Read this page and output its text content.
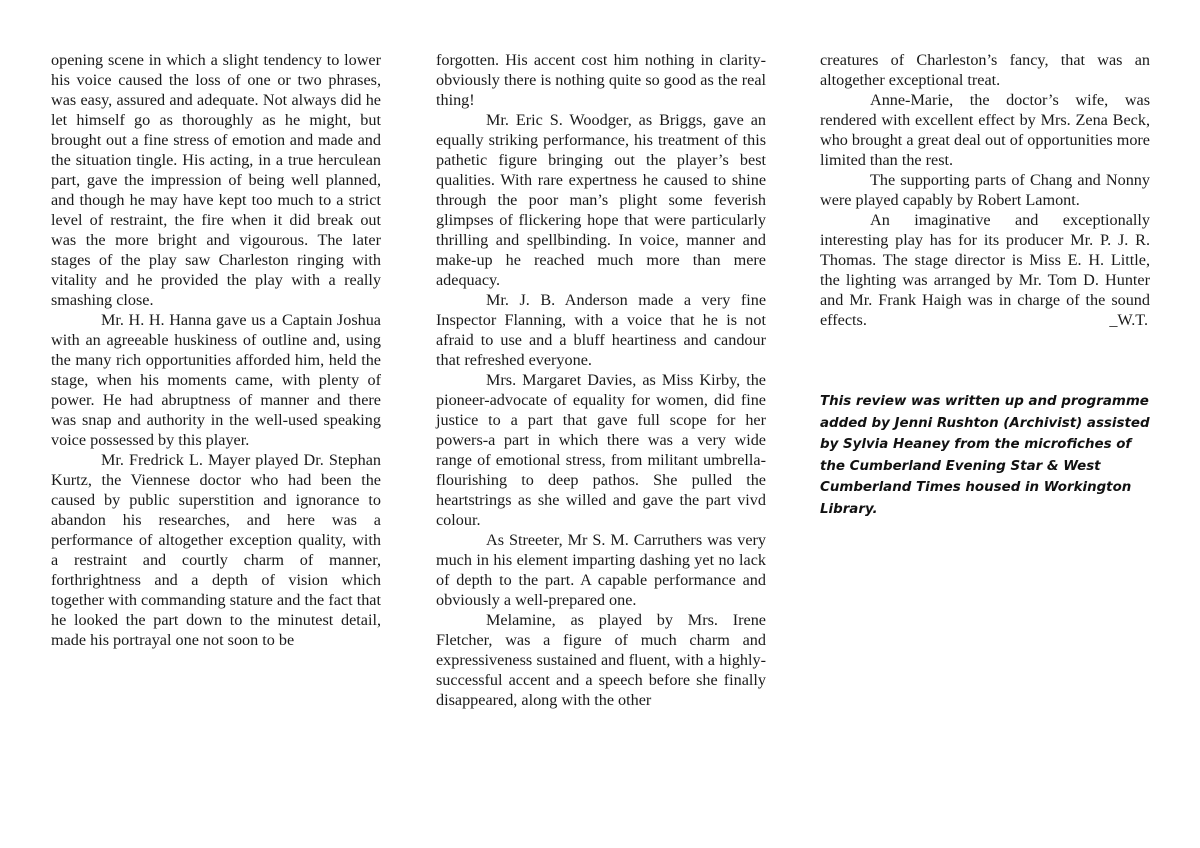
opening scene in which a slight tendency to lower his voice caused the loss of one or two phrases, was easy, assured and adequate. Not always did he let himself go as thoroughly as he might, but brought out a fine stress of emotion and made and the situation tingle. His acting, in a true herculean part, gave the impression of being well planned, and though he may have kept too much to a strict level of restraint, the fire when it did break out was the more bright and vigourous. The later stages of the play saw Charleston ringing with vitality and he provided the play with a really smashing close.

Mr. H. H. Hanna gave us a Captain Joshua with an agreeable huskiness of outline and, using the many rich opportunities afforded him, held the stage, when his moments came, with plenty of power. He had abruptness of manner and there was snap and authority in the well-used speaking voice possessed by this player.

Mr. Fredrick L. Mayer played Dr. Stephan Kurtz, the Viennese doctor who had been the caused by public superstition and ignorance to abandon his researches, and here was a performance of altogether exception quality, with a restraint and courtly charm of manner, forthrightness and a depth of vision which together with commanding stature and the fact that he looked the part down to the minutest detail, made his portrayal one not soon to be

forgotten. His accent cost him nothing in clarity-obviously there is nothing quite so good as the real thing!

Mr. Eric S. Woodger, as Briggs, gave an equally striking performance, his treatment of this pathetic figure bringing out the player’s best qualities. With rare expertness he caused to shine through the poor man’s plight some feverish glimpses of flickering hope that were particularly thrilling and spellbinding. In voice, manner and make-up he reached much more than mere adequacy.

Mr. J. B. Anderson made a very fine Inspector Flanning, with a voice that he is not afraid to use and a bluff heartiness and candour that refreshed everyone.

Mrs. Margaret Davies, as Miss Kirby, the pioneer-advocate of equality for women, did fine justice to a part that gave full scope for her powers-a part in which there was a very wide range of emotional stress, from militant umbrella-flourishing to deep pathos. She pulled the heartstrings as she willed and gave the part vivd colour.

As Streeter, Mr S. M. Carruthers was very much in his element imparting dashing yet no lack of depth to the part. A capable performance and obviously a well-prepared one.

Melamine, as played by Mrs. Irene Fletcher, was a figure of much charm and expressiveness sustained and fluent, with a highly-successful accent and a speech before she finally disappeared, along with the other

creatures of Charleston’s fancy, that was an altogether exceptional treat.

Anne-Marie, the doctor’s wife, was rendered with excellent effect by Mrs. Zena Beck, who brought a great deal out of opportunities more limited than the rest.

The supporting parts of Chang and Nonny were played capably by Robert Lamont.

An imaginative and exceptionally interesting play has for its producer Mr. P. J. R. Thomas. The stage director is Miss E. H. Little, the lighting was arranged by Mr. Tom D. Hunter and Mr. Frank Haigh was in charge of the sound effects.	_W.T.

This review was written up and programme added by Jenni Rushton (Archivist) assisted by Sylvia Heaney from the microfiches of the Cumberland Evening Star & West Cumberland Times housed in Workington Library.
